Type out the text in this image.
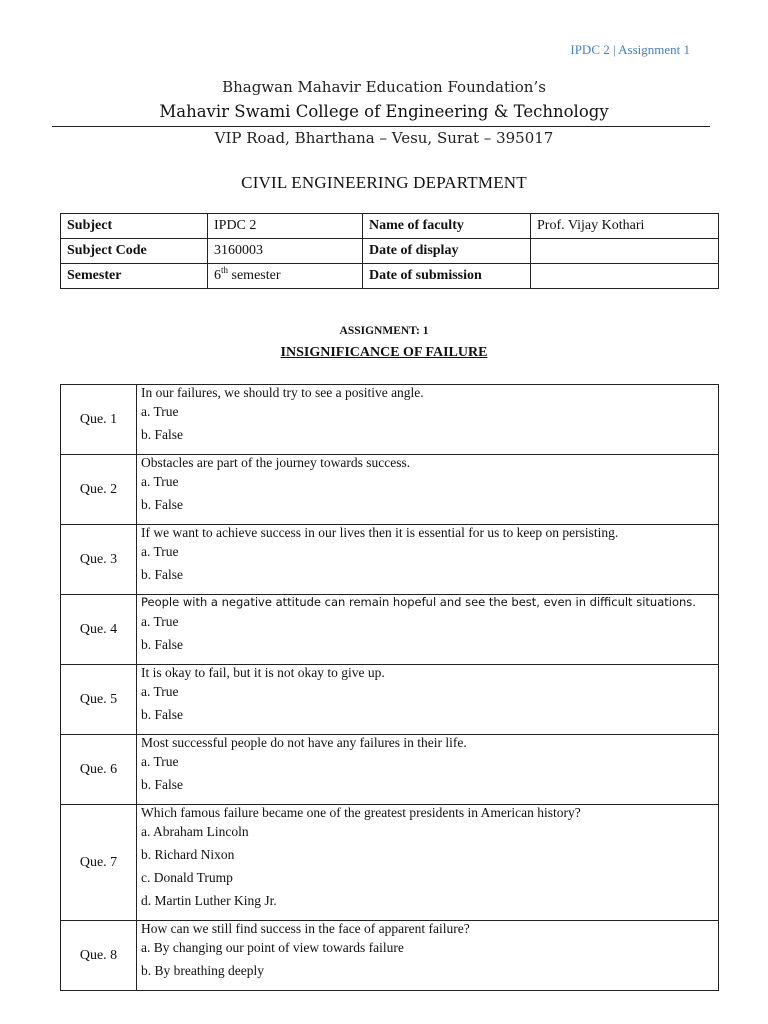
IPDC 2 | Assignment 1
Bhagwan Mahavir Education Foundation’s
Mahavir Swami College of Engineering & Technology
VIP Road, Bharthana – Vesu, Surat – 395017
CIVIL ENGINEERING DEPARTMENT
Subject	IPDC 2	Name of faculty	Prof. Vijay Kothari
Subject Code	3160003	Date of display	
Semester	6th semester	Date of submission	
ASSIGNMENT: 1
INSIGNIFICANCE OF FAILURE
Que. 1	In our failures, we should try to see a positive angle.
a. True
b. False

Que. 2	Obstacles are part of the journey towards success.
a. True
b. False

Que. 3	If we want to achieve success in our lives then it is essential for us to keep on persisting.
a. True
b. False

Que. 4	People with a negative attitude can remain hopeful and see the best, even in difficult situations.
a. True
b. False

Que. 5	It is okay to fail, but it is not okay to give up.
a. True
b. False

Que. 6	Most successful people do not have any failures in their life.
a. True
b. False

Que. 7	Which famous failure became one of the greatest presidents in American history?
a. Abraham Lincoln
b. Richard Nixon
c. Donald Trump
d. Martin Luther King Jr.

Que. 8	How can we still find success in the face of apparent failure?
a. By changing our point of view towards failure
b. By breathing deeply
